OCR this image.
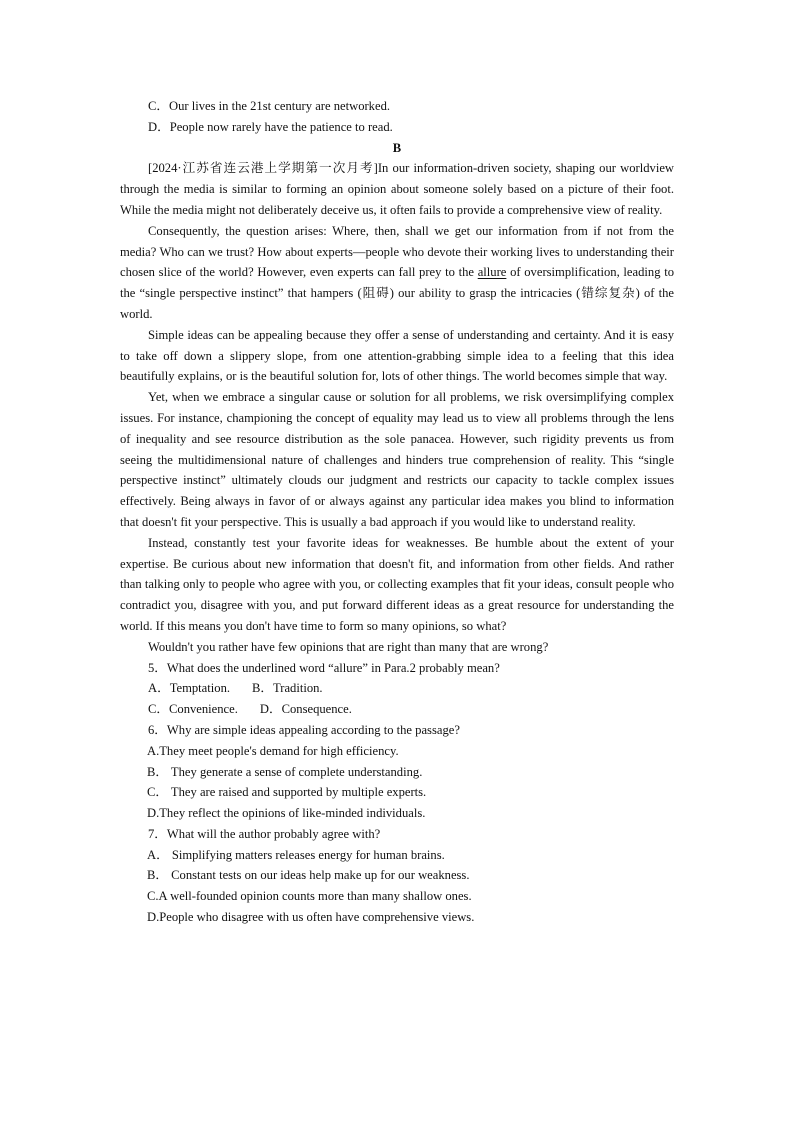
C．Our lives in the 21st century are networked.
D．People now rarely have the patience to read.
B

[2024·江苏省连云港上学期第一次月考]In our information-driven society, shaping our worldview through the media is similar to forming an opinion about someone solely based on a picture of their foot. While the media might not deliberately deceive us, it often fails to provide a comprehensive view of reality.

Consequently, the question arises: Where, then, shall we get our information from if not from the media? Who can we trust? How about experts—people who devote their working lives to understanding their chosen slice of the world? However, even experts can fall prey to the allure of oversimplification, leading to the “single perspective instinct” that hampers (阻碍) our ability to grasp the intricacies (错综复杂) of the world.

Simple ideas can be appealing because they offer a sense of understanding and certainty. And it is easy to take off down a slippery slope, from one attention-grabbing simple idea to a feeling that this idea beautifully explains, or is the beautiful solution for, lots of other things. The world becomes simple that way.

Yet, when we embrace a singular cause or solution for all problems, we risk oversimplifying complex issues. For instance, championing the concept of equality may lead us to view all problems through the lens of inequality and see resource distribution as the sole panacea. However, such rigidity prevents us from seeing the multidimensional nature of challenges and hinders true comprehension of reality. This “single perspective instinct” ultimately clouds our judgment and restricts our capacity to tackle complex issues effectively. Being always in favor of or always against any particular idea makes you blind to information that doesn't fit your perspective. This is usually a bad approach if you would like to understand reality.

Instead, constantly test your favorite ideas for weaknesses. Be humble about the extent of your expertise. Be curious about new information that doesn't fit, and information from other fields. And rather than talking only to people who agree with you, or collecting examples that fit your ideas, consult people who contradict you, disagree with you, and put forward different ideas as a great resource for understanding the world. If this means you don't have time to form so many opinions, so what?

Wouldn't you rather have few opinions that are right than many that are wrong?

5．What does the underlined word “allure” in Para.2 probably mean?
A．Temptation. B．Tradition.
C．Convenience. D．Consequence.
6．Why are simple ideas appealing according to the passage?
A.They meet people's demand for high efficiency.
B． They generate a sense of complete understanding.
C． They are raised and supported by multiple experts.
D.They reflect the opinions of like-minded individuals.
7．What will the author probably agree with?
A． Simplifying matters releases energy for human brains.
B． Constant tests on our ideas help make up for our weakness.
C.A well-founded opinion counts more than many shallow ones.
D.People who disagree with us often have comprehensive views.
